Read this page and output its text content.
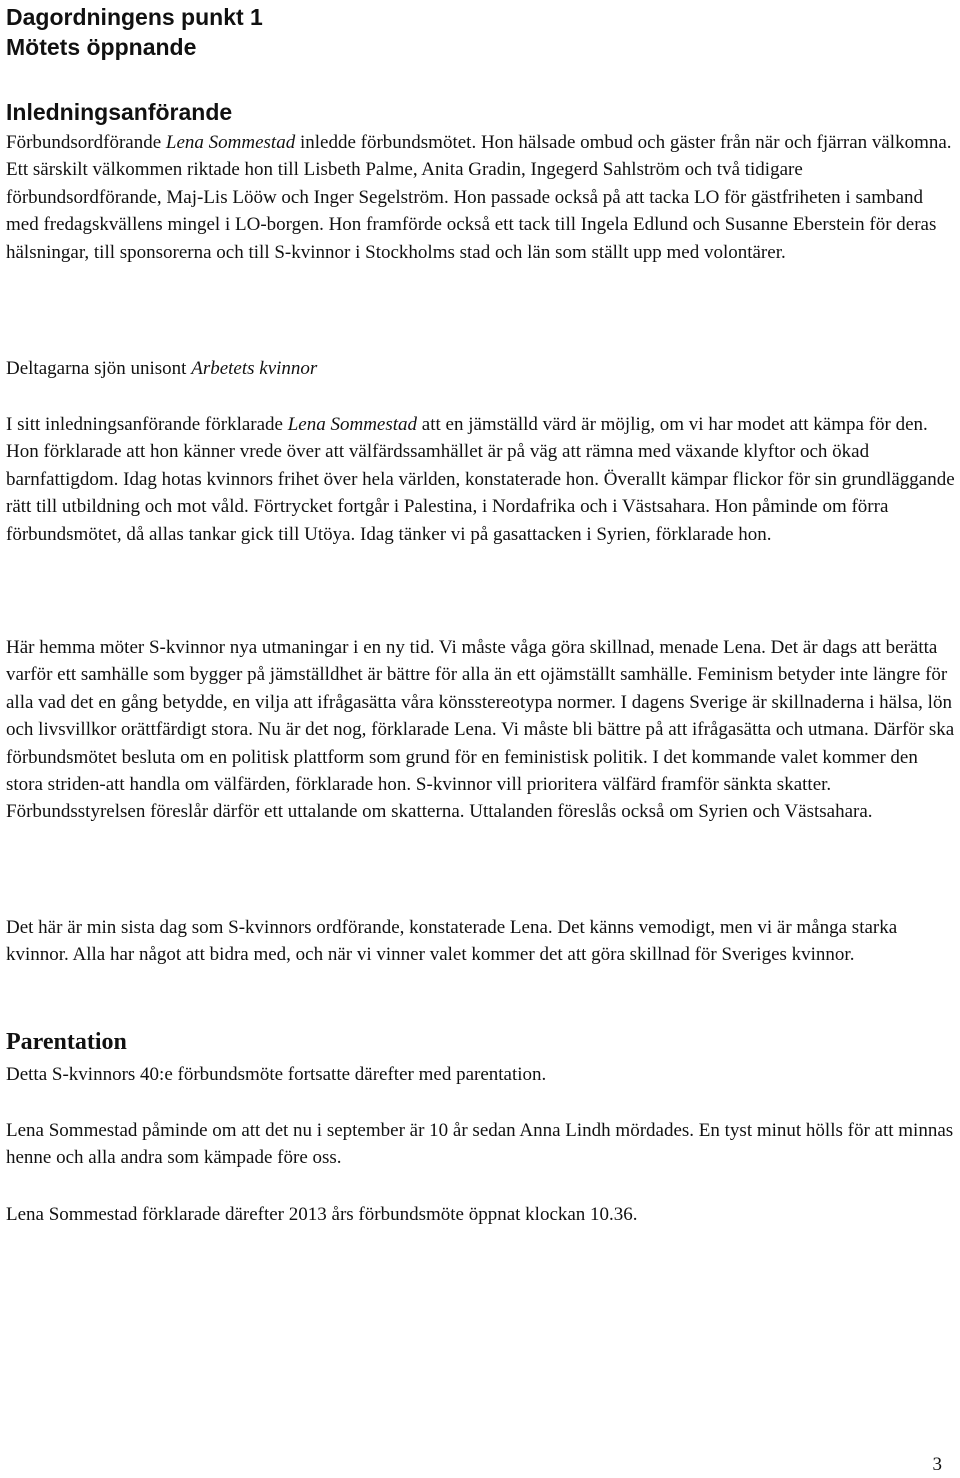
Dagordningens punkt 1
Mötets öppnande
Inledningsanförande

Förbundsordförande Lena Sommestad inledde förbundsmötet. Hon hälsade ombud och gäster från när och fjärran välkomna. Ett särskilt välkommen riktade hon till Lisbeth Palme, Anita Gradin, Ingegerd Sahlström och två tidigare förbundsordförande, Maj-Lis Lööw och Inger Segelström. Hon passade också på att tacka LO för gästfriheten i samband med fredagskvällens mingel i LO-borgen. Hon framförde också ett tack till Ingela Edlund och Susanne Eberstein för deras hälsningar, till sponsorerna och till S-kvinnor i Stockholms stad och län som ställt upp med volontärer.

Deltagarna sjön unisont Arbetets kvinnor

I sitt inledningsanförande förklarade Lena Sommestad att en jämställd värd är möjlig, om vi har modet att kämpa för den. Hon förklarade att hon känner vrede över att välfärdssamhället är på väg att rämna med växande klyftor och ökad barnfattigdom. Idag hotas kvinnors frihet över hela världen, konstaterade hon. Överallt kämpar flickor för sin grundläggande rätt till utbildning och mot våld. Förtrycket fortgår i Palestina, i Nordafrika och i Västsahara. Hon påminde om förra förbundsmötet, då allas tankar gick till Utöya. Idag tänker vi på gasattacken i Syrien, förklarade hon.

Här hemma möter S-kvinnor nya utmaningar i en ny tid. Vi måste våga göra skillnad, menade Lena. Det är dags att berätta varför ett samhälle som bygger på jämställdhet är bättre för alla än ett ojämställt samhälle. Feminism betyder inte längre för alla vad det en gång betydde, en vilja att ifrågasätta våra könsstereotypa normer. I dagens Sverige är skillnaderna i hälsa, lön och livsvillkor orättfärdigt stora. Nu är det nog, förklarade Lena. Vi måste bli bättre på att ifrågasätta och utmana. Därför ska förbundsmötet besluta om en politisk plattform som grund för en feministisk politik. I det kommande valet kommer den stora striden-att handla om välfärden, förklarade hon. S-kvinnor vill prioritera välfärd framför sänkta skatter. Förbundsstyrelsen föreslår därför ett uttalande om skatterna. Uttalanden föreslås också om Syrien och Västsahara.

Det här är min sista dag som S-kvinnors ordförande, konstaterade Lena. Det känns vemodigt, men vi är många starka kvinnor. Alla har något att bidra med, och när vi vinner valet kommer det att göra skillnad för Sveriges kvinnor.

Parentation

Detta S-kvinnors 40:e förbundsmöte fortsatte därefter med parentation.

Lena Sommestad påminde om att det nu i september är 10 år sedan Anna Lindh mördades. En tyst minut hölls för att minnas henne och alla andra som kämpade före oss.

Lena Sommestad förklarade därefter 2013 års förbundsmöte öppnat klockan 10.36.

3
